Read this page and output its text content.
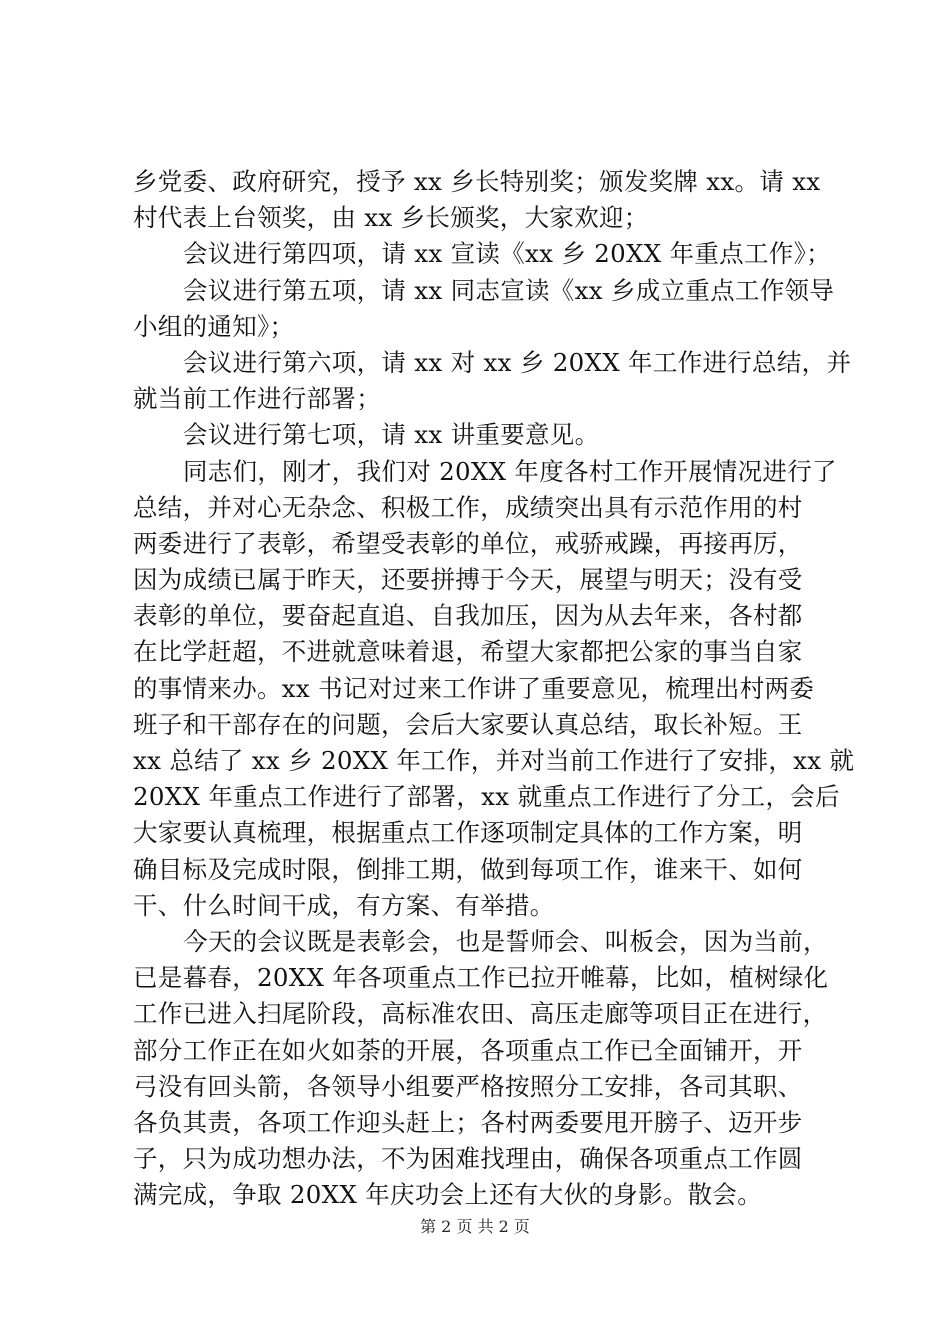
乡党委、政府研究，授予 xx 乡长特别奖；颁发奖牌 xx。请 xx
村代表上台领奖，由 xx 乡长颁奖，大家欢迎；
会议进行第四项，请 xx 宣读《xx 乡 20XX 年重点工作》；
会议进行第五项，请 xx 同志宣读《xx 乡成立重点工作领导
小组的通知》；
会议进行第六项，请 xx 对 xx 乡 20XX 年工作进行总结，并
就当前工作进行部署；
会议进行第七项，请 xx 讲重要意见。
同志们，刚才，我们对 20XX 年度各村工作开展情况进行了
总结，并对心无杂念、积极工作，成绩突出具有示范作用的村
两委进行了表彰，希望受表彰的单位，戒骄戒躁，再接再厉，
因为成绩已属于昨天，还要拼搏于今天，展望与明天；没有受
表彰的单位，要奋起直追、自我加压，因为从去年来，各村都
在比学赶超，不进就意味着退，希望大家都把公家的事当自家
的事情来办。xx 书记对过来工作讲了重要意见，梳理出村两委
班子和干部存在的问题，会后大家要认真总结，取长补短。王
xx 总结了 xx 乡 20XX 年工作，并对当前工作进行了安排，xx 就
20XX 年重点工作进行了部署，xx 就重点工作进行了分工，会后
大家要认真梳理，根据重点工作逐项制定具体的工作方案，明
确目标及完成时限，倒排工期，做到每项工作，谁来干、如何
干、什么时间干成，有方案、有举措。
今天的会议既是表彰会，也是誓师会、叫板会，因为当前，
已是暮春，20XX 年各项重点工作已拉开帷幕，比如，植树绿化
工作已进入扫尾阶段，高标准农田、高压走廊等项目正在进行，
部分工作正在如火如荼的开展，各项重点工作已全面铺开，开
弓没有回头箭，各领导小组要严格按照分工安排，各司其职、
各负其责，各项工作迎头赶上；各村两委要甩开膀子、迈开步
子，只为成功想办法，不为困难找理由，确保各项重点工作圆
满完成，争取 20XX 年庆功会上还有大伙的身影。散会。
第 2 页 共 2 页
